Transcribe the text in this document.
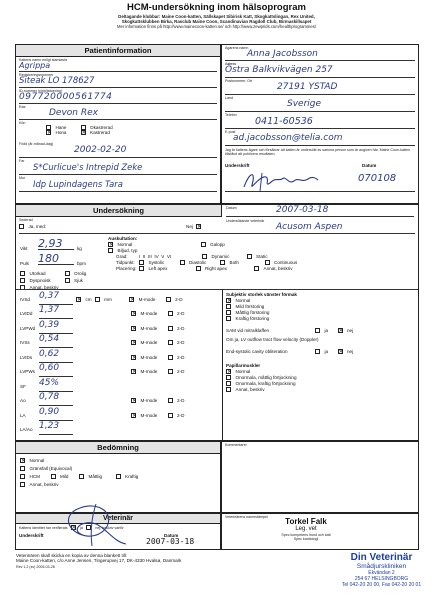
HCM-undersökning inom hälsoprogram
Deltagande klubbar: Maine Coon-katten, Sällskapet Sibirisk Katt, Skogkattslingan, Rex United,
Skogkattsklubben Birka, Rasclub Maine Coon, Scandinavian Ragdoll Club, Birmaskillsapet
Mer information finns på http://www.mainecoon-katten.se/ och http://www.zewprids.com/healthprogrammes/
Patientinformation
Kattens namn enligt stamtavla
Agrippa
Registreringsnummer
Siteak LO 178627
ID-nummer (chip/tatuering)
097720000561774
Ras
Devon Rex
Kön
Hane	Okastrerad
✕
Hona ✕	Kastrerad
Född (år-månad-dag)
2002-02-20
Far
S*Curlicue's Intrepid Zeke
Mor
Idp Lupindagens Tara
Ägarens namn
Anna Jacobsson
Adress
Östra Balkvikvägen 257
Postnummer, Ort
27191 YSTAD
Land
Sverige
Telefon
0411-60536
E-post
ad.jacobsson@telia.com
Jag är kattens ägare och försäkrar att katten är undersökt av samma person som är angiven här. Maine Coon-katten tillstånd att publicera resultaten.
Underskrift	Datum
070108
Undersökning	Datum	2007-03-18
Undersökande veterinär
Acusom Aspen
Sederad
Ja, med:	Nej
✕
Vikt 2,93	kg
Puls 180	bpm
Utorkad	Orolig
Dyspnoisk	Sjuk
Annat, beskriv
Auskultation:
✕
Normal	Galopp
Biljud, typ
Grad:	I  II  III  IV  V  VI	Dynamic	Static
Tidpunkt:	Systolic	Diastolic	Both	Continuous
Placering:	Left apex	Right apex	Annat, beskriv
IVSd	0,37 ✕	cm	mm ✕	M-mode	2-D
LVIDd 1,37 ✕	M-mode	2-D
LVPWd 0,39 ✕	M-mode	2-D
IVSs	0,54 ✕	M-mode	2-D
LVIDs 0,62 ✕	M-mode	2-D
LVPWs 0,60 ✕	M-mode	2-D
SF	45%
Ao	0,78 ✕	M-mode	2-D
LA	0,90 ✕	M-mode	2-D
LA/Ao 1,23
Subjektiv storlek vänster förmak
✕
Normal
Mild förstoring
Måttlig förstoring
Kraftig förstoring
SAM vid mitralklaffen	ja ✕	nej
Om ja, LV outflow tract flow velocity (Doppler)
End-systolic cavity obliteration	ja ✕	nej
Papillarmuskler
✕
Normal
Onormala, måttlig förtjockning
Onormala, kraftig förtjockning
Annat, beskriv
Bedömning
✕
Normal
Gränsfall (Equivocal)
HCM	Mild	Måttlig	Kraftig
Annat, beskriv
Kommentarer
Veterinär
Kattens identitet har verifierats ✕	ja	nej, beskriv varför
Underskrift	Datum
2007-03-18
Veterinärens namnstämpel	Torkel Falk
Leg. vet
Spec kompetens hund och katt
Spec kardiologi
Din Veterinär
Smådjurskliniken
Ekvändan 2
254 67 HELSINGBORG
Tel 042-20 20 00, Fax 042-20 20 01
Veterinären skall skicka en kopia av denna blankett till:
Maine Coon-katten, c/o Anne Jensen, Tingerupvej 17, DK-4330 Hvalsø, Danmark
Rev 1.2 (sv) 2005-03-28
